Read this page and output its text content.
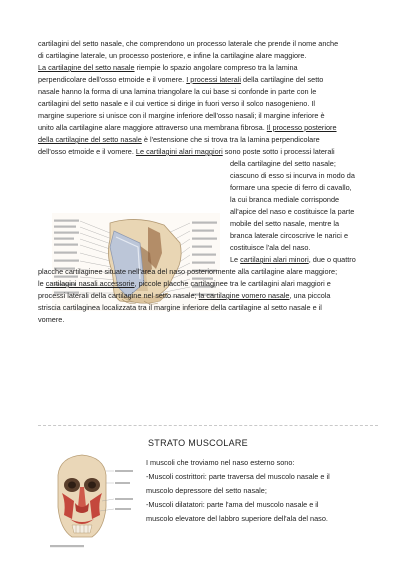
cartilagini del setto nasale, che comprendono un processo laterale che prende il nome anche

di cartilagine laterale, un processo posteriore, e infine la cartilagine alare maggiore.

La cartilagine del setto nasale riempie lo spazio angolare compreso tra la lamina

perpendicolare dell'osso etmoide e il vomere. I processi laterali della cartilagine del setto

nasale hanno la forma di una lamina triangolare la cui base si confonde in parte con le

cartilagini del setto nasale e il cui vertice si dirige in fuori verso il solco nasogenieno. Il

margine superiore si unisce con il margine inferiore dell'osso nasali; il margine inferiore è

unito alla cartilagine alare maggiore attraverso una membrana fibrosa. Il processo posteriore

della cartilagine del setto nasale è l'estensione che si trova tra la lamina perpendicolare

dell'osso etmoide e il vomere. Le cartilagini alari maggiori sono poste sotto i processi laterali

della cartilagine del setto nasale;

ciascuno di esso si incurva in modo da

formare una specie di ferro di cavallo,

la cui branca mediale corrisponde

all'apice del naso e costituisce la parte

mobile del setto nasale, mentre la

branca laterale circoscrive le narici e

costituisce l'ala del naso.

Le cartilagini alari minori, due o quattro

placche cartilaginee situate nell'area del naso posteriormente alla cartilagine alare maggiore;

le cartilagini nasali accessorie, piccole placche cartilaginee tra le cartilagini alari maggiori e

processi laterali della cartilagine nel setto nasale; la cartilagine vomero nasale, una piccola

striscia cartilaginea localizzata tra il margine inferiore della cartilagine al setto nasale e il

vomere.

STRATO MUSCOLARE

I muscoli che troviamo nel naso esterno sono:

-Muscoli costrittori: parte traversa del muscolo nasale e il

muscolo depressore del setto nasale;

-Muscoli dilatatori: parte l'ama del muscolo nasale e il

muscolo elevatore del labbro superiore dell'ala del naso.
